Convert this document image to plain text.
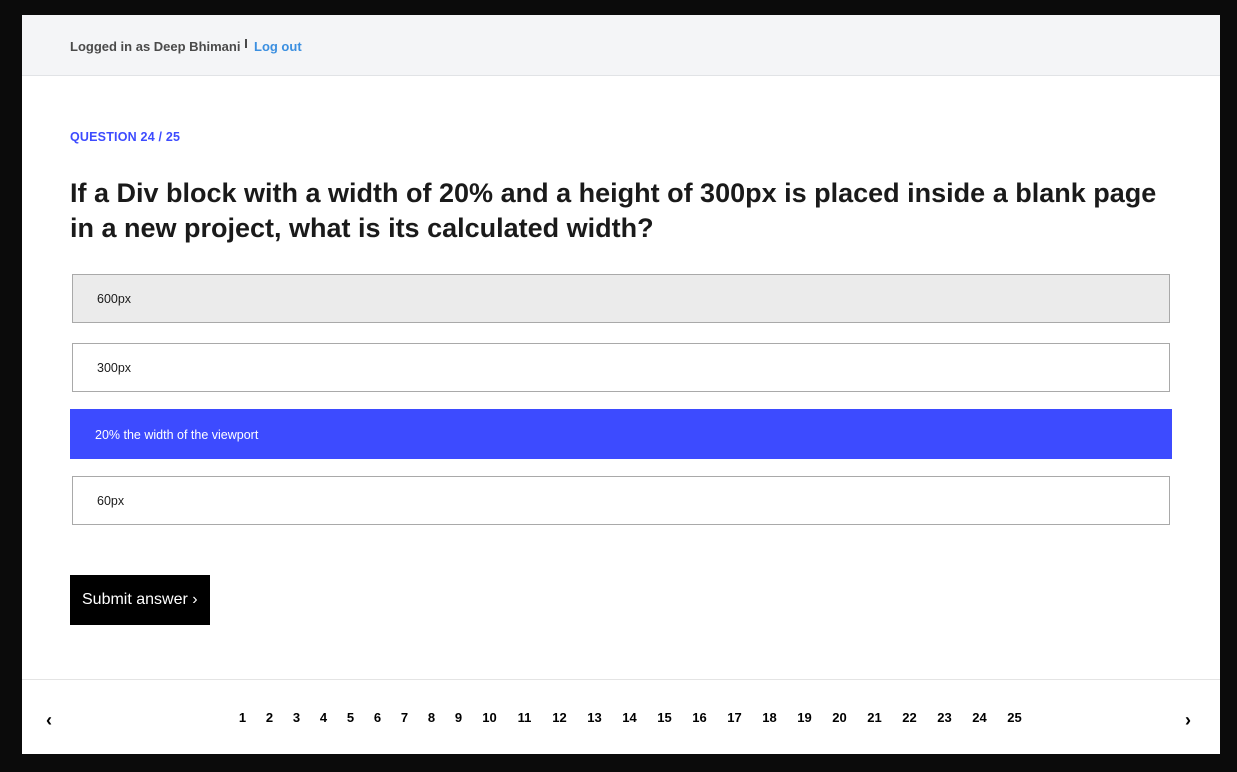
Logged in as Deep Bhimani Log out
QUESTION 24 / 25
If a Div block with a width of 20% and a height of 300px is placed inside a blank page in a new project, what is its calculated width?
600px
300px
20% the width of the viewport
60px
Submit answer ›
‹	1	2	3	4	5	6	7	8	9	10	11	12	13	14	15	16	17	18	19	20	21	22	23	24	25	›
